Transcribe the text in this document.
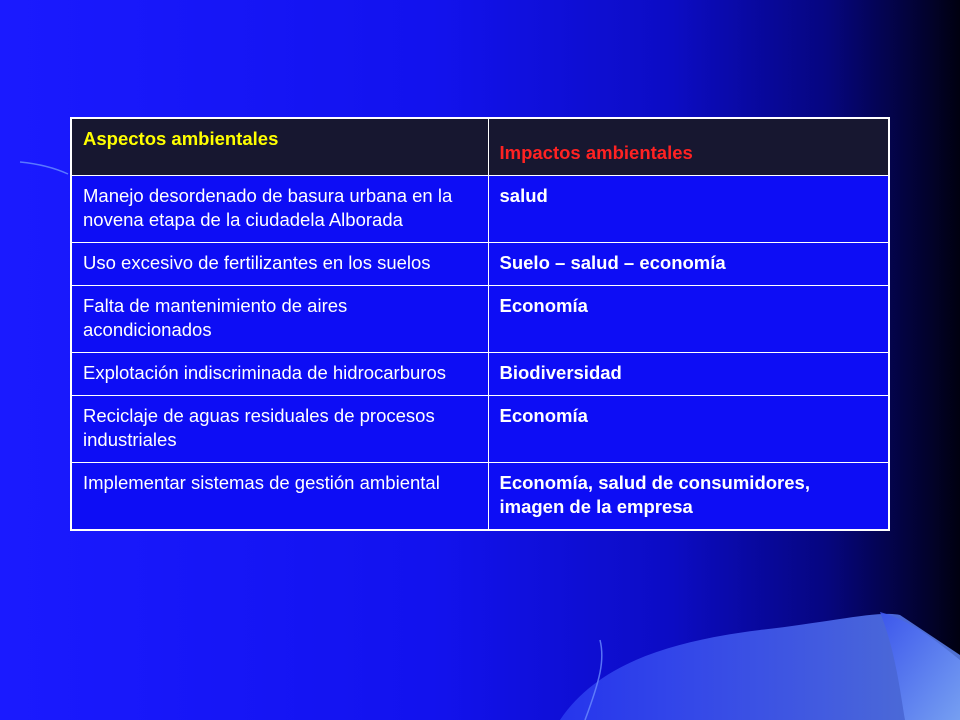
Aspectos ambientales	Impactos ambientales
Manejo desordenado de basura urbana en la novena etapa de la ciudadela Alborada	salud
Uso excesivo de fertilizantes en los suelos	Suelo – salud – economía
Falta de mantenimiento de aires acondicionados	Economía
Explotación indiscriminada de hidrocarburos	Biodiversidad
Reciclaje de aguas residuales de procesos industriales	Economía
Implementar sistemas de gestión ambiental	Economía, salud de consumidores, imagen de la empresa
